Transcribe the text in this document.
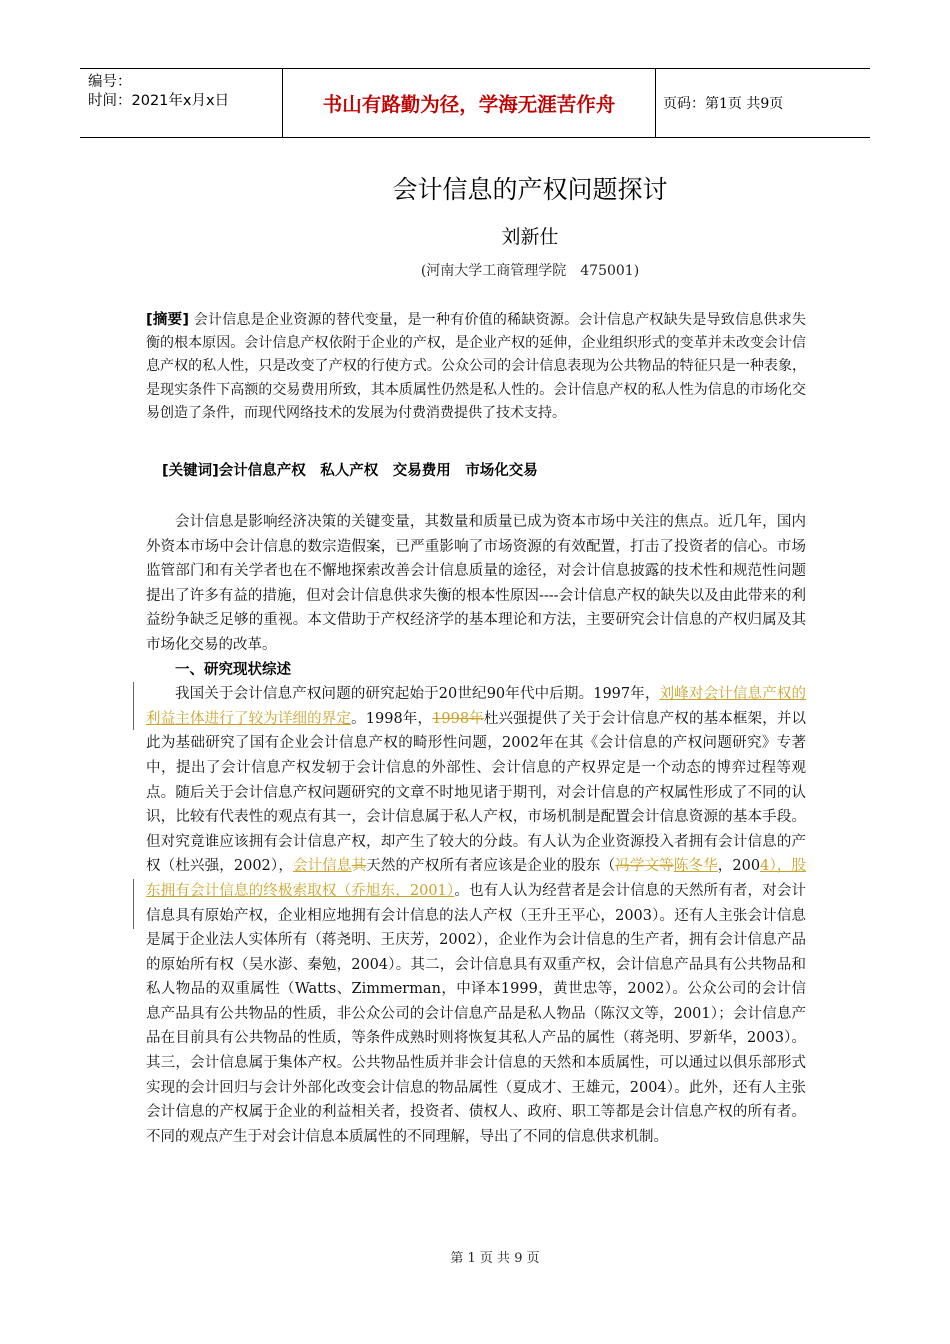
编号：
时间：2021年x月x日	书山有路勤为径，学海无涯苦作舟	页码：第1页 共9页
会计信息的产权问题探讨
刘新仕
(河南大学工商管理学院　475001)
[摘要] 会计信息是企业资源的替代变量，是一种有价值的稀缺资源。会计信息产权缺失是导致信息供求失衡的根本原因。会计信息产权依附于企业的产权，是企业产权的延伸，企业组织形式的变革并未改变会计信息产权的私人性，只是改变了产权的行使方式。公众公司的会计信息表现为公共物品的特征只是一种表象，是现实条件下高额的交易费用所致，其本质属性仍然是私人性的。会计信息产权的私人性为信息的市场化交易创造了条件，而现代网络技术的发展为付费消费提供了技术支持。
[关键词]会计信息产权　私人产权　交易费用　市场化交易

会计信息是影响经济决策的关键变量，其数量和质量已成为资本市场中关注的焦点。近几年，国内外资本市场中会计信息的数宗造假案，已严重影响了市场资源的有效配置，打击了投资者的信心。市场监管部门和有关学者也在不懈地探索改善会计信息质量的途径，对会计信息披露的技术性和规范性问题提出了许多有益的措施，但对会计信息供求失衡的根本性原因----会计信息产权的缺失以及由此带来的利益纷争缺乏足够的重视。本文借助于产权经济学的基本理论和方法，主要研究会计信息的产权归属及其市场化交易的改革。

一、研究现状综述

我国关于会计信息产权问题的研究起始于20世纪90年代中后期。1997年，刘峰对会计信息产权的利益主体进行了较为详细的界定。1998年，1998年杜兴强提供了关于会计信息产权的基本框架，并以此为基础研究了国有企业会计信息产权的畸形性问题，2002年在其《会计信息的产权问题研究》专著中，提出了会计信息产权发轫于会计信息的外部性、会计信息的产权界定是一个动态的博弈过程等观点。随后关于会计信息产权问题研究的文章不时地见诸于期刊，对会计信息的产权属性形成了不同的认识，比较有代表性的观点有其一，会计信息属于私人产权，市场机制是配置会计信息资源的基本手段。但对究竟谁应该拥有会计信息产权，却产生了较大的分歧。有人认为企业资源投入者拥有会计信息的产权（杜兴强，2002），会计信息其天然的产权所有者应该是企业的股东（冯学文等陈冬华，2004），股东拥有会计信息的终极索取权（乔旭东，2001）。也有人认为经营者是会计信息的天然所有者，对会计信息具有原始产权，企业相应地拥有会计信息的法人产权（王升王平心，2003）。还有人主张会计信息是属于企业法人实体所有（蒋尧明、王庆芳，2002），企业作为会计信息的生产者，拥有会计信息产品的原始所有权（吴水澎、秦勉，2004）。其二，会计信息具有双重产权，会计信息产品具有公共物品和私人物品的双重属性（Watts、Zimmerman，中译本1999，黄世忠等，2002）。公众公司的会计信息产品具有公共物品的性质，非公众公司的会计信息产品是私人物品（陈汉文等，2001）；会计信息产品在目前具有公共物品的性质，等条件成熟时则将恢复其私人产品的属性（蒋尧明、罗新华，2003）。其三，会计信息属于集体产权。公共物品性质并非会计信息的天然和本质属性，可以通过以俱乐部形式实现的会计回归与会计外部化改变会计信息的物品属性（夏成才、王雄元，2004）。此外，还有人主张会计信息的产权属于企业的利益相关者，投资者、债权人、政府、职工等都是会计信息产权的所有者。不同的观点产生于对会计信息本质属性的不同理解，导出了不同的信息供求机制。

第 1 页 共 9 页
